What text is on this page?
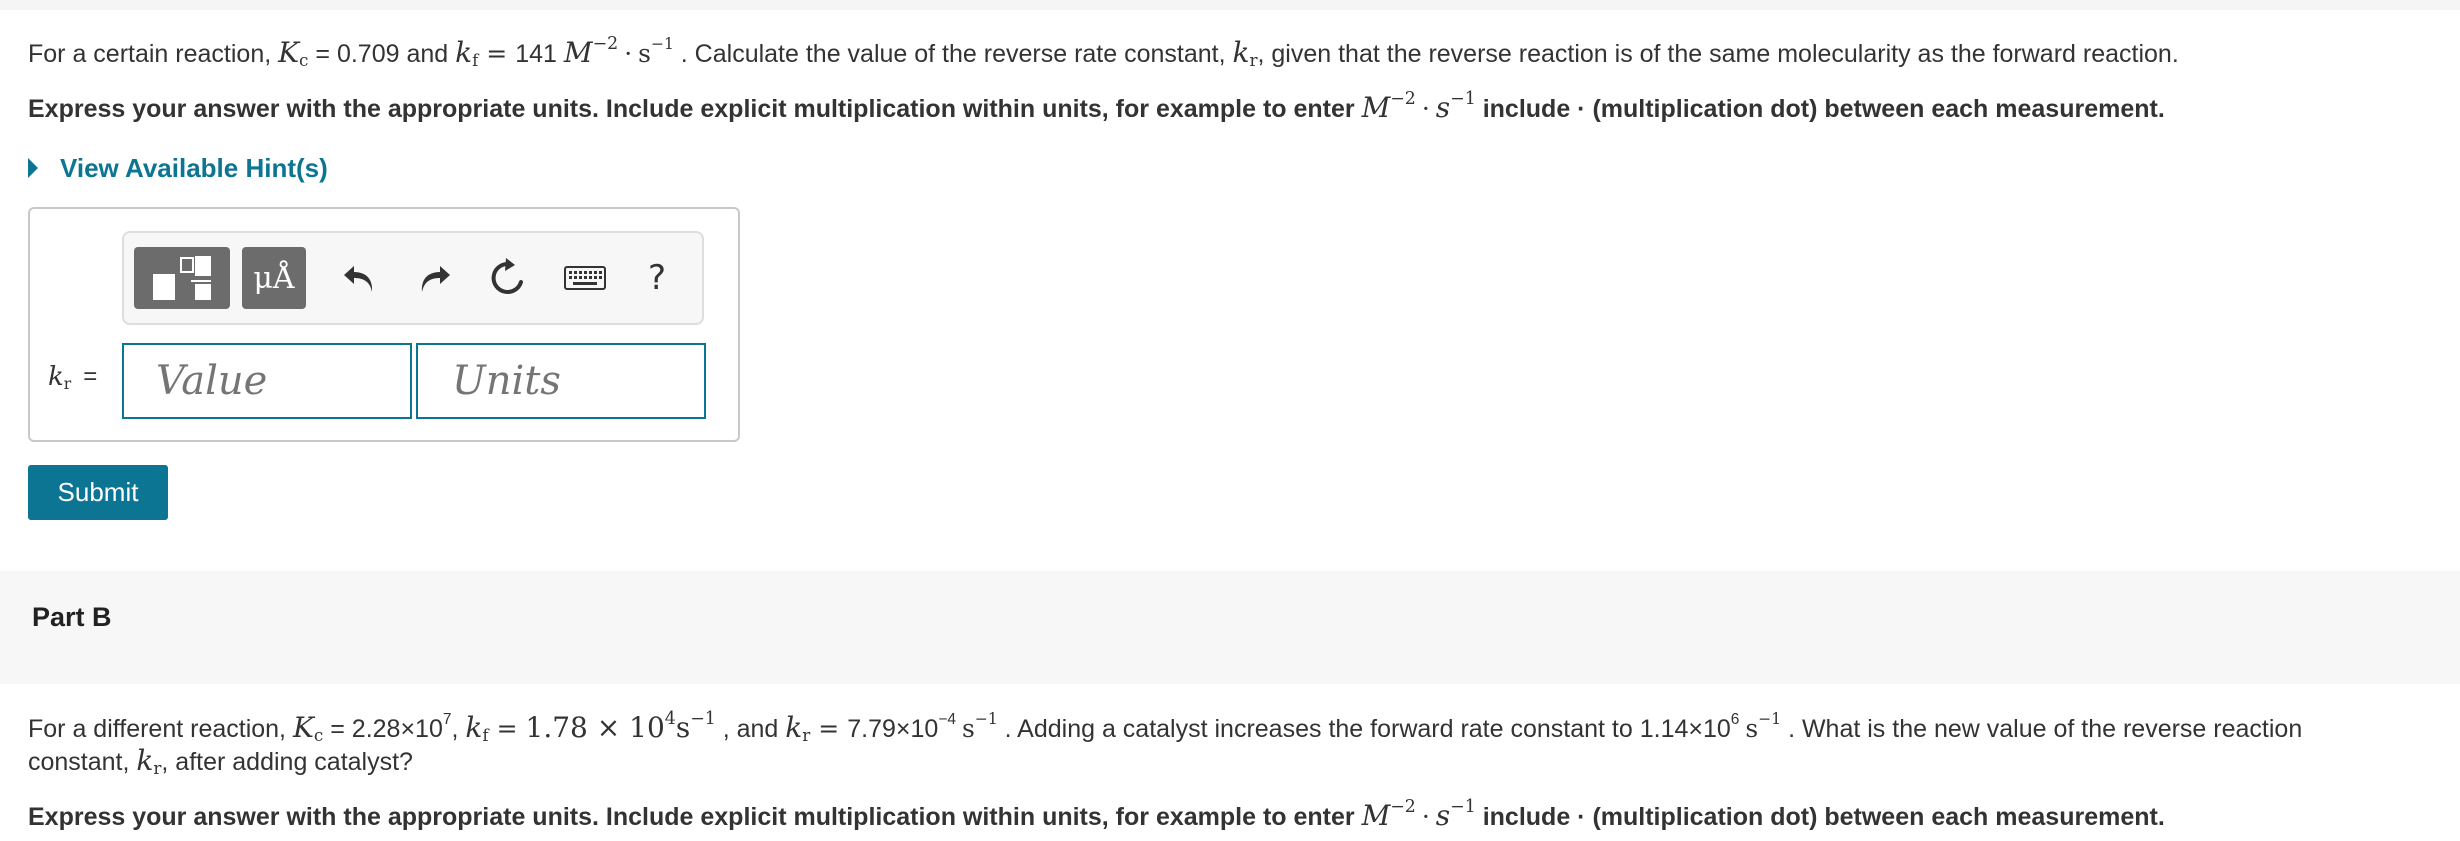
For a certain reaction, $K_c = 0.709$ and $k_f = 141$ $M^{-2} \cdot s^{-1}$ . Calculate the value of the reverse rate constant, $k_r$, given that the reverse reaction is of the same molecularity as the forward reaction.
Express your answer with the appropriate units. Include explicit multiplication within units, for example to enter $M^{-2} \cdot s^{-1}$ include · (multiplication dot) between each measurement.
View Available Hint(s)
μÅ	?
$k_r$ =
Value
Units
Submit
Part B
For a different reaction, $K_c = 2.28\times 10^7$, $k_f = 1.78 \times 10^4s^{-1}$ , and $k_r = 7.79\times 10^{-4}$ $s^{-1}$ . Adding a catalyst increases the forward rate constant to $1.14\times 10^6$ $s^{-1}$ . What is the new value of the reverse reaction
constant, $k_r$, after adding catalyst?
Express your answer with the appropriate units. Include explicit multiplication within units, for example to enter $M^{-2} \cdot s^{-1}$ include · (multiplication dot) between each measurement.
